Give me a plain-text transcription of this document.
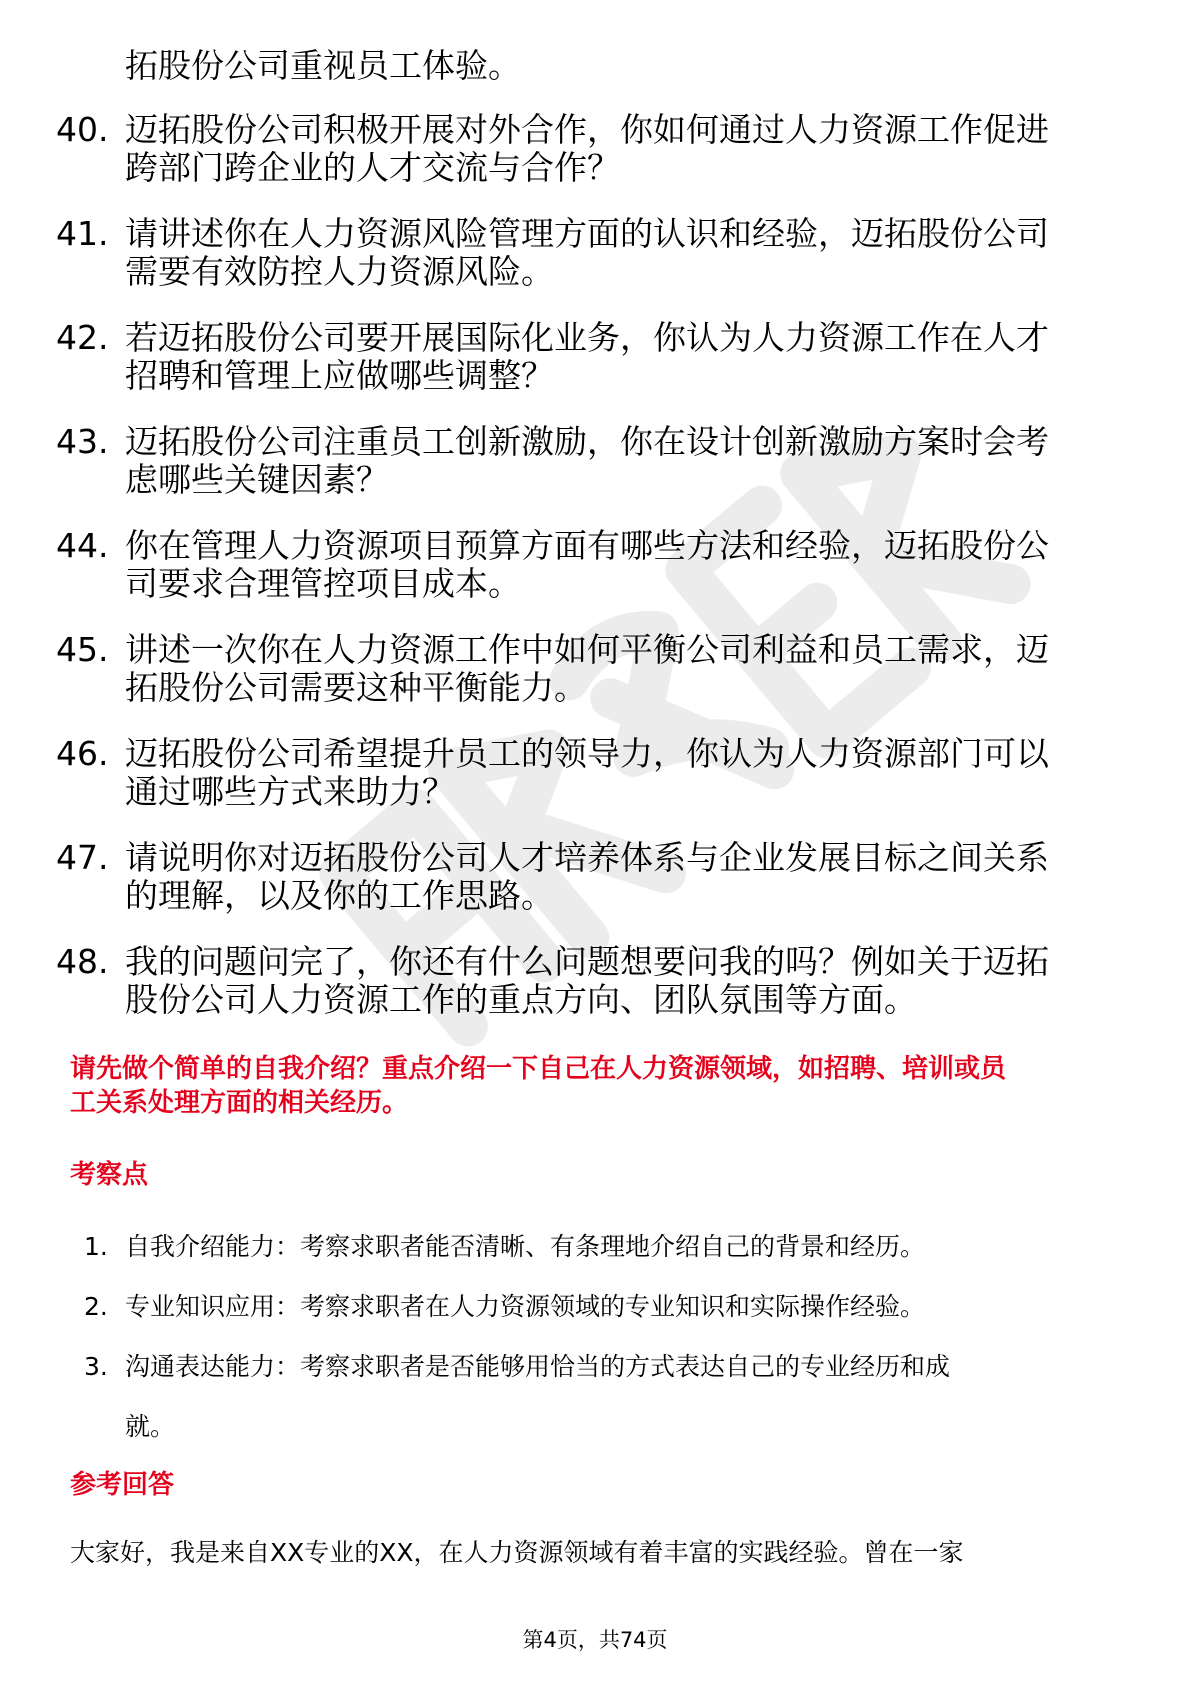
拓股份公司重视员工体验。
40. 迈拓股份公司积极开展对外合作，你如何通过人力资源工作促进
跨部门跨企业的人才交流与合作？
41. 请讲述你在人力资源风险管理方面的认识和经验，迈拓股份公司
需要有效防控人力资源风险。
42. 若迈拓股份公司要开展国际化业务，你认为人力资源工作在人才
招聘和管理上应做哪些调整？
43. 迈拓股份公司注重员工创新激励，你在设计创新激励方案时会考
虑哪些关键因素？
44. 你在管理人力资源项目预算方面有哪些方法和经验，迈拓股份公
司要求合理管控项目成本。
45. 讲述一次你在人力资源工作中如何平衡公司利益和员工需求，迈
拓股份公司需要这种平衡能力。
46. 迈拓股份公司希望提升员工的领导力，你认为人力资源部门可以
通过哪些方式来助力？
47. 请说明你对迈拓股份公司人才培养体系与企业发展目标之间关系
的理解，以及你的工作思路。
48. 我的问题问完了，你还有什么问题想要问我的吗？例如关于迈拓
股份公司人力资源工作的重点方向、团队氛围等方面。
请先做个简单的自我介绍？重点介绍一下自己在人力资源领域，如招聘、培训或员
工关系处理方面的相关经历。
考察点
1. 自我介绍能力：考察求职者能否清晰、有条理地介绍自己的背景和经历。
2. 专业知识应用：考察求职者在人力资源领域的专业知识和实际操作经验。
3. 沟通表达能力：考察求职者是否能够用恰当的方式表达自己的专业经历和成
就。
参考回答
大家好，我是来自XX专业的XX，在人力资源领域有着丰富的实践经验。曾在一家
第4页，共74页
